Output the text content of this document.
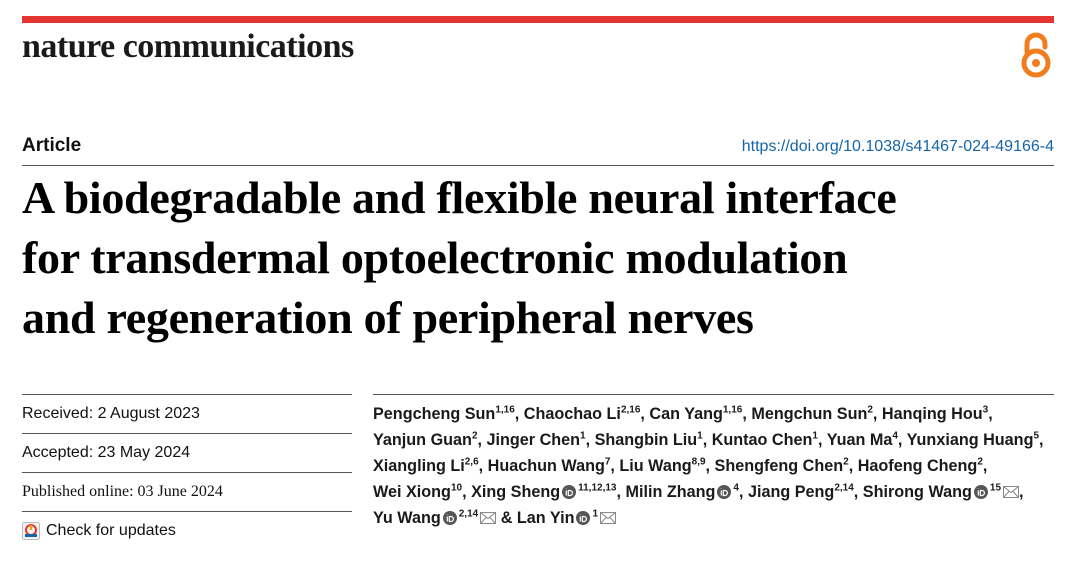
nature communications
Article	https://doi.org/10.1038/s41467-024-49166-4
A biodegradable and flexible neural interface
for transdermal optoelectronic modulation
and regeneration of peripheral nerves
Received: 2 August 2023
Accepted: 23 May 2024
Published online: 03 June 2024
Check for updates
Pengcheng Sun$^{1,16}$, Chaochao Li$^{2,16}$, Can Yang$^{1,16}$, Mengchun Sun$^2$, Hanqing Hou$^3$, Yanjun Guan$^2$, Jinger Chen$^1$, Shangbin Liu$^1$, Kuntao Chen$^1$, Yuan Ma$^4$, Yunxiang Huang$^5$, Xiangling Li$^{2,6}$, Huachun Wang$^7$, Liu Wang$^{8,9}$, Shengfeng Chen$^2$, Haofeng Cheng$^2$, Wei Xiong$^{10}$, Xing Sheng $^{11,12,13}$, Milin Zhang $^4$, Jiang Peng$^{2,14}$, Shirong Wang $^{15}$ , Yu Wang $^{2,14}$ & Lan Yin $^1$
